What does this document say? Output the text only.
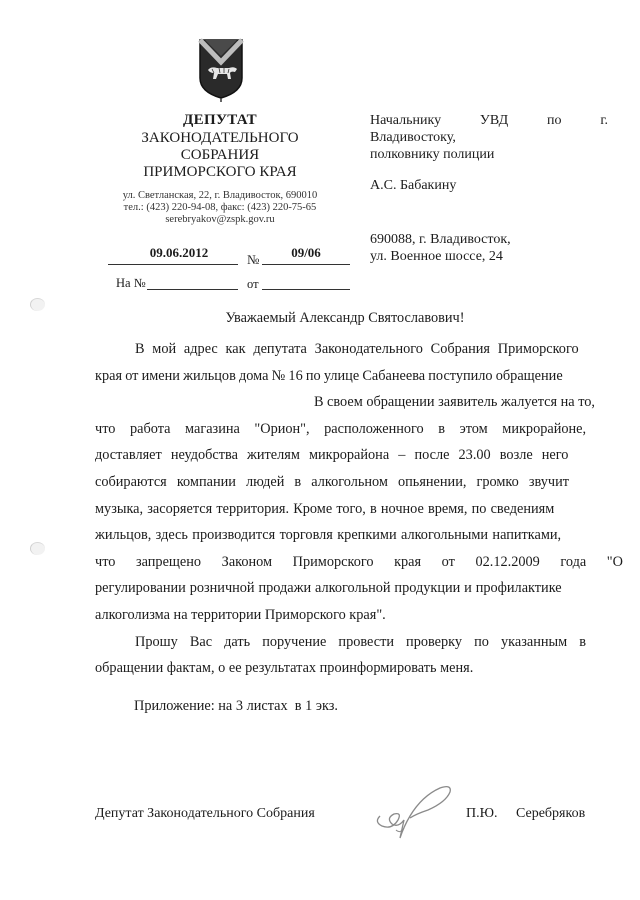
ДЕПУТАТ
ЗАКОНОДАТЕЛЬНОГО
СОБРАНИЯ
ПРИМОРСКОГО КРАЯ
ул. Светланская, 22, г. Владивосток, 690010
тел.: (423) 220-94-08, факс: (423) 220-75-65
serebryakov@zspk.gov.ru
09.06.2012	№	09/06
На №	от
Начальнику	УВД	по	г.
Владивостоку,
полковнику полиции
А.С. Бабакину
690088, г. Владивосток,
ул. Военное шоссе, 24
Уважаемый Александр Святославович!
В мой адрес как депутата Законодательного Собрания Приморского
края от имени жильцов дома № 16 по улице Сабанеева поступило обращение
В своем обращении заявитель жалуется на то,
что работа магазина "Орион", расположенного в этом микрорайоне,
доставляет неудобства жителям микрорайона – после 23.00 возле него
собираются компании людей в алкогольном опьянении, громко звучит
музыка, засоряется территория. Кроме того, в ночное время, по сведениям
жильцов, здесь производится торговля крепкими алкогольными напитками,
что запрещено Законом Приморского края от 02.12.2009 года "О
регулировании розничной продажи алкогольной продукции и профилактике
алкоголизма на территории Приморского края".
Прошу Вас дать поручение провести проверку по указанным в
обращении фактам, о ее результатах проинформировать меня.
Приложение: на 3 листах  в 1 экз.
Депутат Законодательного Собрания	П.Ю. Серебряков
